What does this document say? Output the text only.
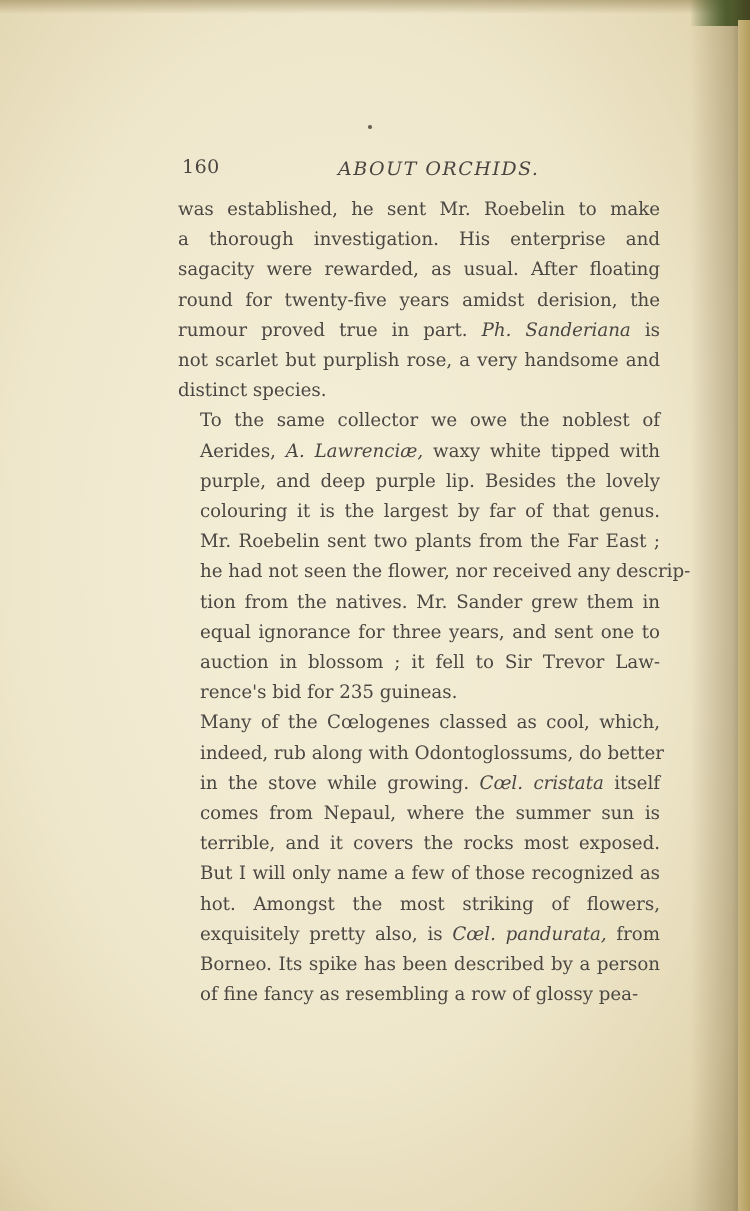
160	ABOUT ORCHIDS.

was established, he sent Mr. Roebelin to make
a thorough investigation. His enterprise and
sagacity were rewarded, as usual. After floating
round for twenty-five years amidst derision, the
rumour proved true in part. Ph. Sanderiana is
not scarlet but purplish rose, a very handsome and
distinct species.

To the same collector we owe the noblest of
Aerides, A. Lawrenciæ, waxy white tipped with
purple, and deep purple lip. Besides the lovely
colouring it is the largest by far of that genus.
Mr. Roebelin sent two plants from the Far East ;
he had not seen the flower, nor received any descrip-
tion from the natives. Mr. Sander grew them in
equal ignorance for three years, and sent one to
auction in blossom ; it fell to Sir Trevor Law-
rence's bid for 235 guineas.

Many of the Cœlogenes classed as cool, which,
indeed, rub along with Odontoglossums, do better
in the stove while growing. Cœl. cristata itself
comes from Nepaul, where the summer sun is
terrible, and it covers the rocks most exposed.
But I will only name a few of those recognized as
hot. Amongst the most striking of flowers,
exquisitely pretty also, is Cœl. pandurata, from
Borneo. Its spike has been described by a person
of fine fancy as resembling a row of glossy pea-
